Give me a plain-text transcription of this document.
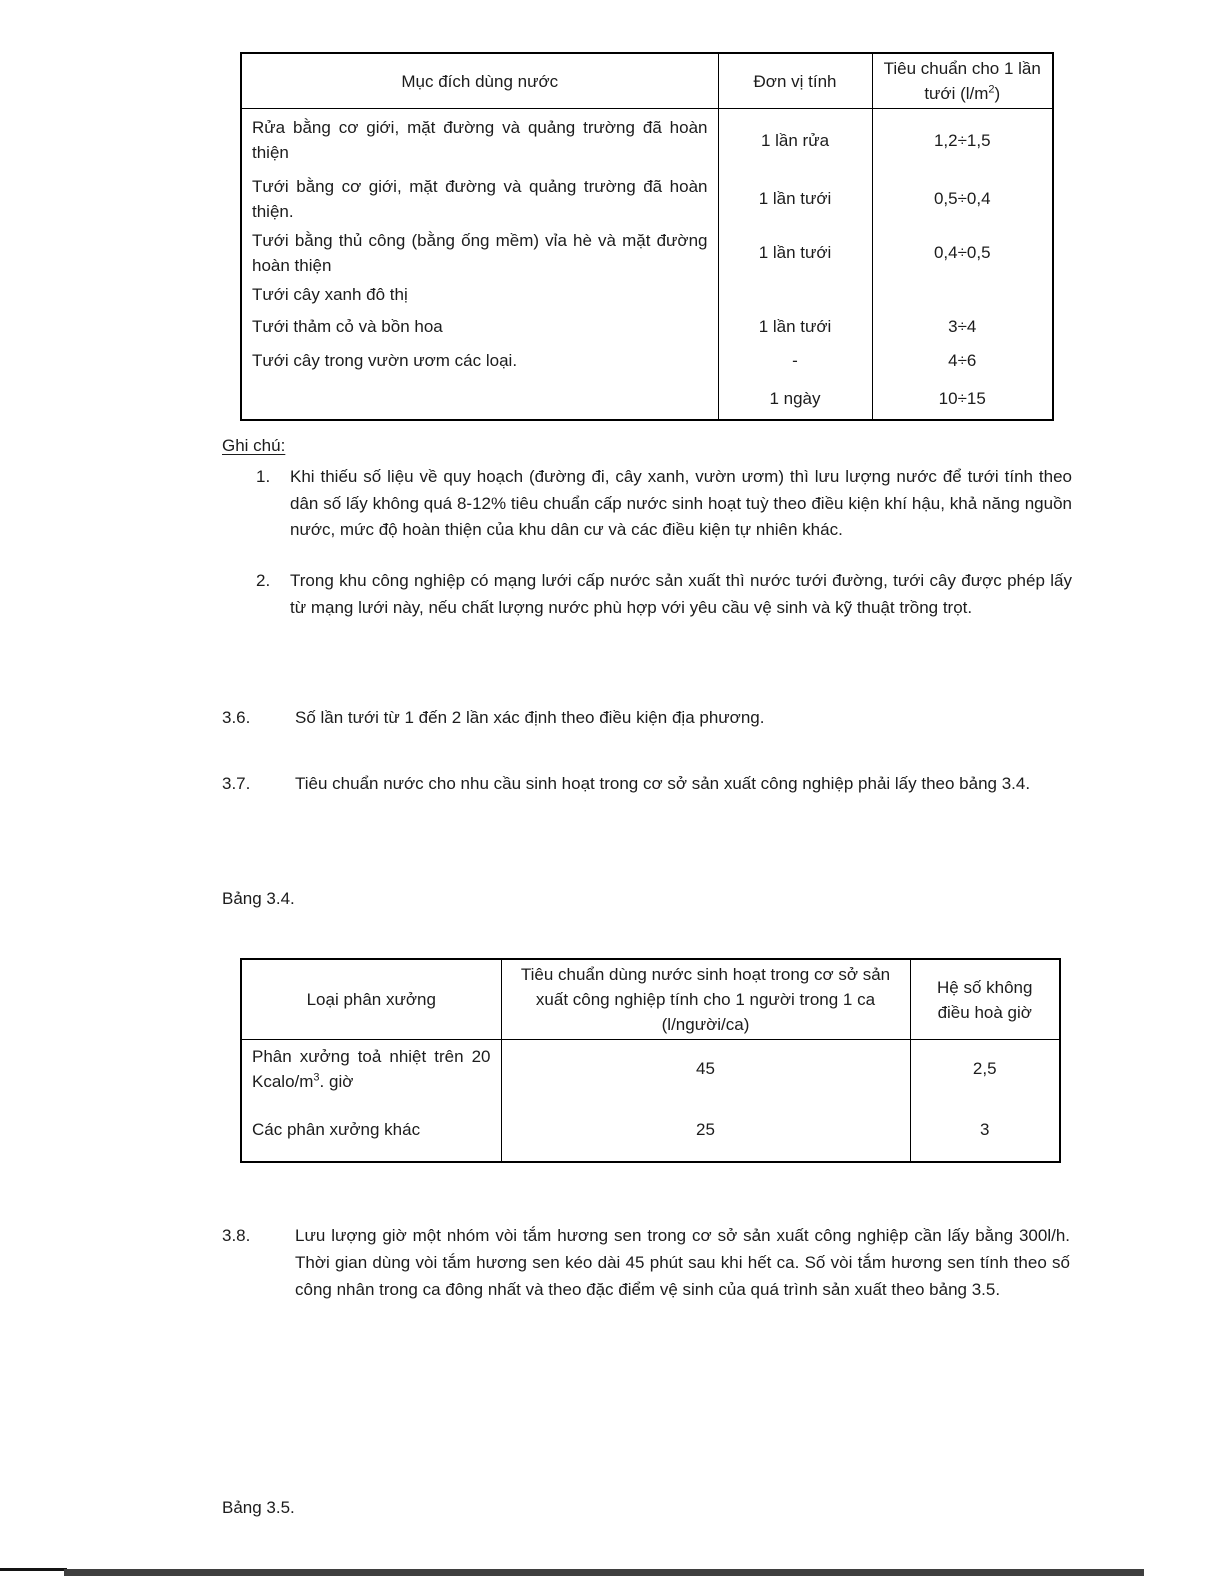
Mục đích dùng nước	Đơn vị tính	Tiêu chuẩn cho 1 lần tưới $(l/m^2)$
Rửa bằng cơ giới, mặt đường và quảng trường đã hoàn thiện	1 lần rửa	1,2÷1,5
Tưới bằng cơ giới, mặt đường và quảng trường đã hoàn thiện.	1 lần tưới	0,5÷0,4
Tưới bằng thủ công (bằng ống mềm) vỉa hè và mặt đường hoàn thiện	1 lần tưới	0,4÷0,5
Tưới cây xanh đô thị		
Tưới thảm cỏ và bồn hoa	1 lần tưới	3÷4
Tưới cây trong vườn ươm các loại.	-	4÷6
	1 ngày	10÷15
Ghi chú:
1.	Khi thiếu số liệu về quy hoạch (đường đi, cây xanh, vườn ươm) thì lưu lượng nước để tưới tính theo dân số lấy không quá 8-12% tiêu chuẩn cấp nước sinh hoạt tuỳ theo điều kiện khí hậu, khả năng nguồn nước, mức độ hoàn thiện của khu dân cư và các điều kiện tự nhiên khác.
2.	Trong khu công nghiệp có mạng lưới cấp nước sản xuất thì nước tưới đường, tưới cây được phép lấy từ mạng lưới này, nếu chất lượng nước phù hợp với yêu cầu vệ sinh và kỹ thuật trồng trọt.
3.6.	Số lần tưới từ 1 đến 2 lần xác định theo điều kiện địa phương.
3.7.	Tiêu chuẩn nước cho nhu cầu sinh hoạt trong cơ sở sản xuất công nghiệp phải lấy theo bảng 3.4.
Bảng 3.4.
Loại phân xưởng	Tiêu chuẩn dùng nước sinh hoạt trong cơ sở sản xuất công nghiệp tính cho 1 người trong 1 ca (l/người/ca)	Hệ số không điều hoà giờ
Phân xưởng toả nhiệt trên 20 Kcalo/$m^3$. giờ	45	2,5
Các phân xưởng khác	25	3
3.8.	Lưu lượng giờ một nhóm vòi tắm hương sen trong cơ sở sản xuất công nghiệp cần lấy bằng 300l/h. Thời gian dùng vòi tắm hương sen kéo dài 45 phút sau khi hết ca. Số vòi tắm hương sen tính theo số công nhân trong ca đông nhất và theo đặc điểm vệ sinh của quá trình sản xuất theo bảng 3.5.
Bảng 3.5.
